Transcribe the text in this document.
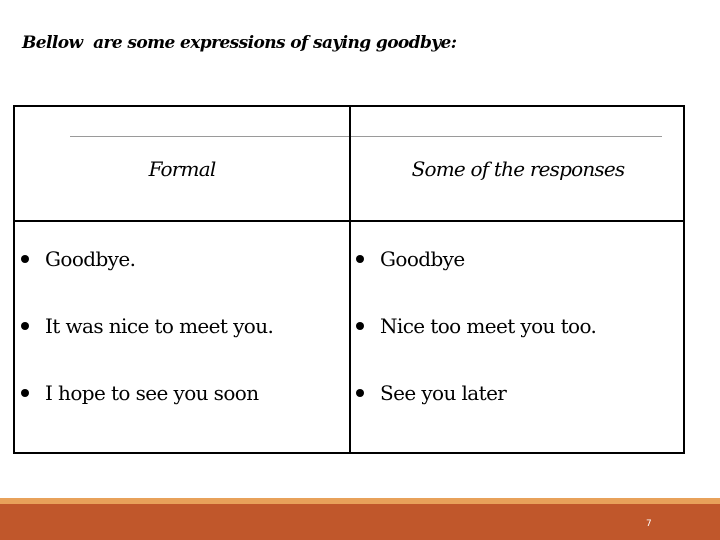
Bellow  are some expressions of saying goodbye:
Formal	Some of the responses
Goodbye.	Goodbye
It was nice to meet you.	Nice too meet you too.
I hope to see you soon	See you later
7
